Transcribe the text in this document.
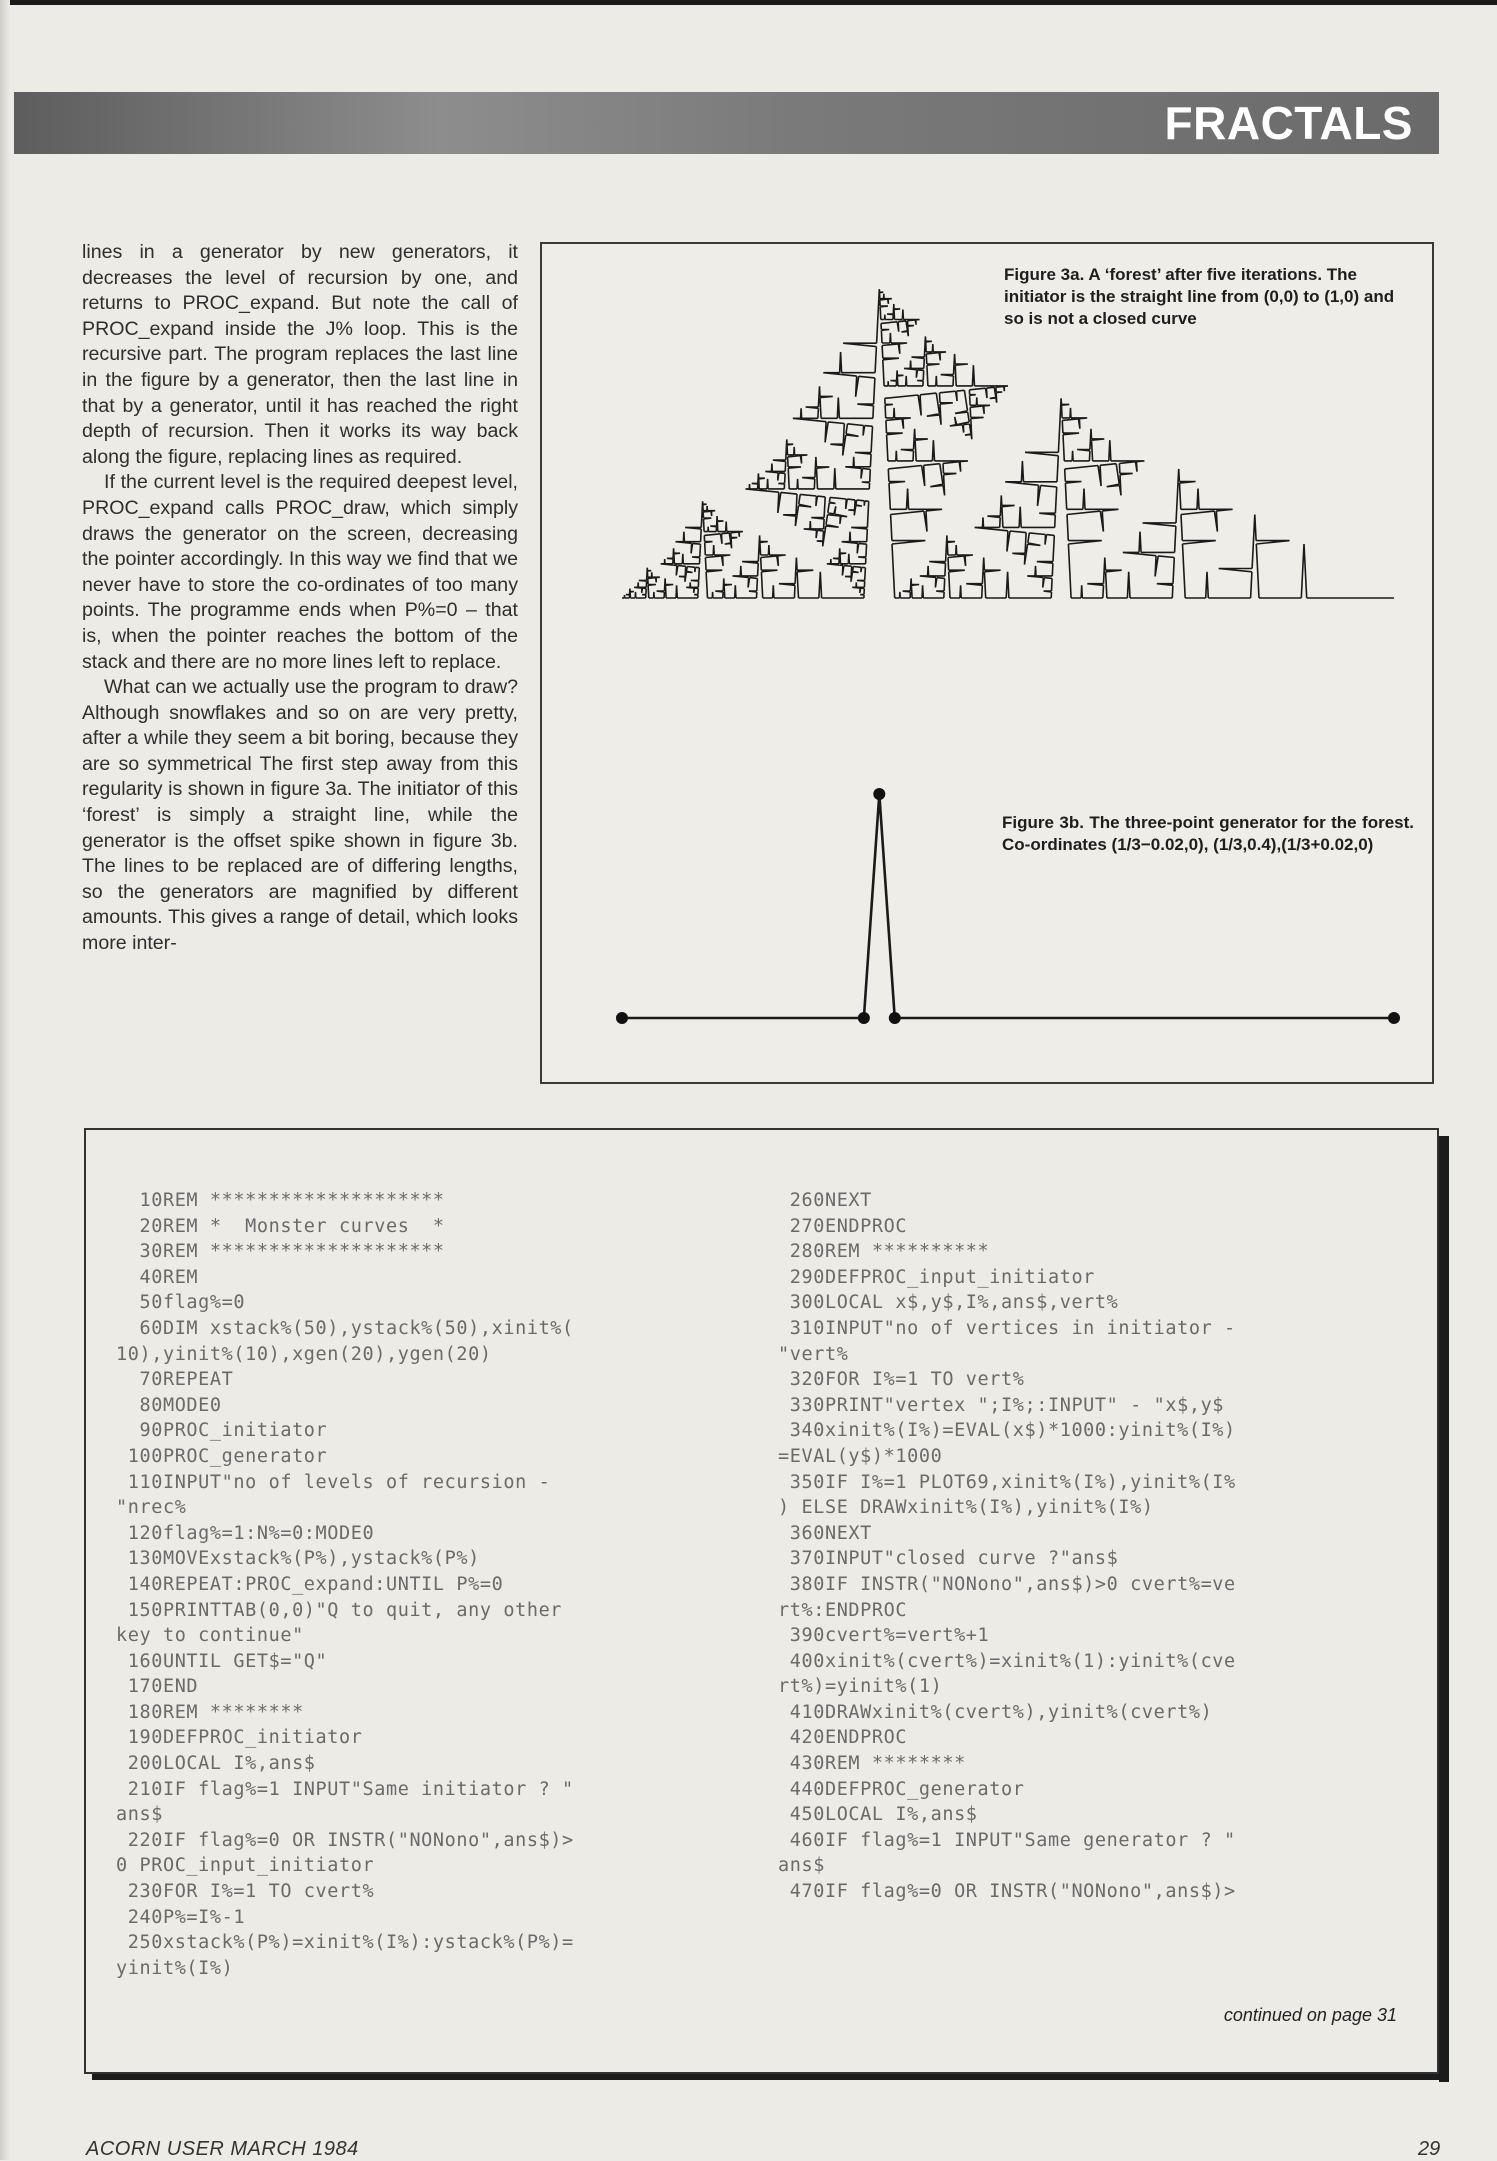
FRACTALS

lines in a generator by new generators, it decreases the level of recursion by one, and returns to PROC_expand. But note the call of PROC_expand inside the J% loop. This is the recursive part. The program replaces the last line in the figure by a generator, then the last line in that by a generator, until it has reached the right depth of recursion. Then it works its way back along the figure, replacing lines as required.

If the current level is the required deepest level, PROC_expand calls PROC_draw, which simply draws the generator on the screen, decreasing the pointer accordingly. In this way we find that we never have to store the co-ordinates of too many points. The programme ends when P%=0 – that is, when the pointer reaches the bottom of the stack and there are no more lines left to replace.

What can we actually use the program to draw? Although snowflakes and so on are very pretty, after a while they seem a bit boring, because they are so symmetrical The first step away from this regularity is shown in figure 3a. The initiator of this ‘forest’ is simply a straight line, while the generator is the offset spike shown in figure 3b. The lines to be replaced are of differing lengths, so the generators are magnified by different amounts. This gives a range of detail, which looks more inter-

Figure 3a. A ‘forest’ after five iterations. The initiator is the straight line from (0,0) to (1,0) and so is not a closed curve
Figure 3b. The three-point generator for the forest. Co-ordinates (1/3−0.02,0), (1/3,0.4),(1/3+0.02,0)
10REM ********************
20REM *  Monster curves  *
30REM ********************
40REM
50flag%=0
60DIM xstack%(50),ystack%(50),xinit%(
10),yinit%(10),xgen(20),ygen(20)
70REPEAT
80MODE0
90PROC_initiator
100PROC_generator
110INPUT"no of levels of recursion -
"nrec%
120flag%=1:N%=0:MODE0
130MOVExstack%(P%),ystack%(P%)
140REPEAT:PROC_expand:UNTIL P%=0
150PRINTTAB(0,0)"Q to quit, any other
key to continue"
160UNTIL GET$="Q"
170END
180REM ********
190DEFPROC_initiator
200LOCAL I%,ans$
210IF flag%=1 INPUT"Same initiator ? "
ans$
220IF flag%=0 OR INSTR("NONono",ans$)>
0 PROC_input_initiator
230FOR I%=1 TO cvert%
240P%=I%-1
250xstack%(P%)=xinit%(I%):ystack%(P%)=
yinit%(I%)
260NEXT
270ENDPROC
280REM **********
290DEFPROC_input_initiator
300LOCAL x$,y$,I%,ans$,vert%
310INPUT"no of vertices in initiator -
"vert%
320FOR I%=1 TO vert%
330PRINT"vertex ";I%;:INPUT" - "x$,y$
340xinit%(I%)=EVAL(x$)*1000:yinit%(I%)
=EVAL(y$)*1000
350IF I%=1 PLOT69,xinit%(I%),yinit%(I%
) ELSE DRAWxinit%(I%),yinit%(I%)
360NEXT
370INPUT"closed curve ?"ans$
380IF INSTR("NONono",ans$)>0 cvert%=ve
rt%:ENDPROC
390cvert%=vert%+1
400xinit%(cvert%)=xinit%(1):yinit%(cve
rt%)=yinit%(1)
410DRAWxinit%(cvert%),yinit%(cvert%)
420ENDPROC
430REM ********
440DEFPROC_generator
450LOCAL I%,ans$
460IF flag%=1 INPUT"Same generator ? "
ans$
470IF flag%=0 OR INSTR("NONono",ans$)>
continued on page 31
ACORN USER MARCH 1984	29
